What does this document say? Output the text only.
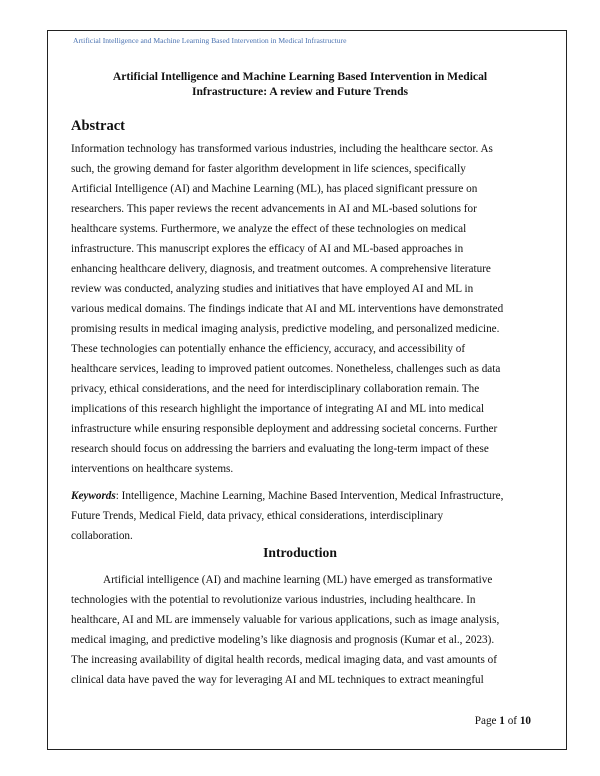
Artificial Intelligence and Machine Learning Based Intervention in Medical Infrastructure
Artificial Intelligence and Machine Learning Based Intervention in Medical
Infrastructure: A review and Future Trends
Abstract
Information technology has transformed various industries, including the healthcare sector. As
such, the growing demand for faster algorithm development in life sciences, specifically
Artificial Intelligence (AI) and Machine Learning (ML), has placed significant pressure on
researchers. This paper reviews the recent advancements in AI and ML-based solutions for
healthcare systems. Furthermore, we analyze the effect of these technologies on medical
infrastructure. This manuscript explores the efficacy of AI and ML-based approaches in
enhancing healthcare delivery, diagnosis, and treatment outcomes. A comprehensive literature
review was conducted, analyzing studies and initiatives that have employed AI and ML in
various medical domains. The findings indicate that AI and ML interventions have demonstrated
promising results in medical imaging analysis, predictive modeling, and personalized medicine.
These technologies can potentially enhance the efficiency, accuracy, and accessibility of
healthcare services, leading to improved patient outcomes. Nonetheless, challenges such as data
privacy, ethical considerations, and the need for interdisciplinary collaboration remain. The
implications of this research highlight the importance of integrating AI and ML into medical
infrastructure while ensuring responsible deployment and addressing societal concerns. Further
research should focus on addressing the barriers and evaluating the long-term impact of these
interventions on healthcare systems.
Keywords: Intelligence, Machine Learning, Machine Based Intervention, Medical Infrastructure,
Future Trends, Medical Field, data privacy, ethical considerations, interdisciplinary
collaboration.
Introduction
Artificial intelligence (AI) and machine learning (ML) have emerged as transformative
technologies with the potential to revolutionize various industries, including healthcare. In
healthcare, AI and ML are immensely valuable for various applications, such as image analysis,
medical imaging, and predictive modeling’s like diagnosis and prognosis (Kumar et al., 2023).
The increasing availability of digital health records, medical imaging data, and vast amounts of
clinical data have paved the way for leveraging AI and ML techniques to extract meaningful
Page 1 of 10
